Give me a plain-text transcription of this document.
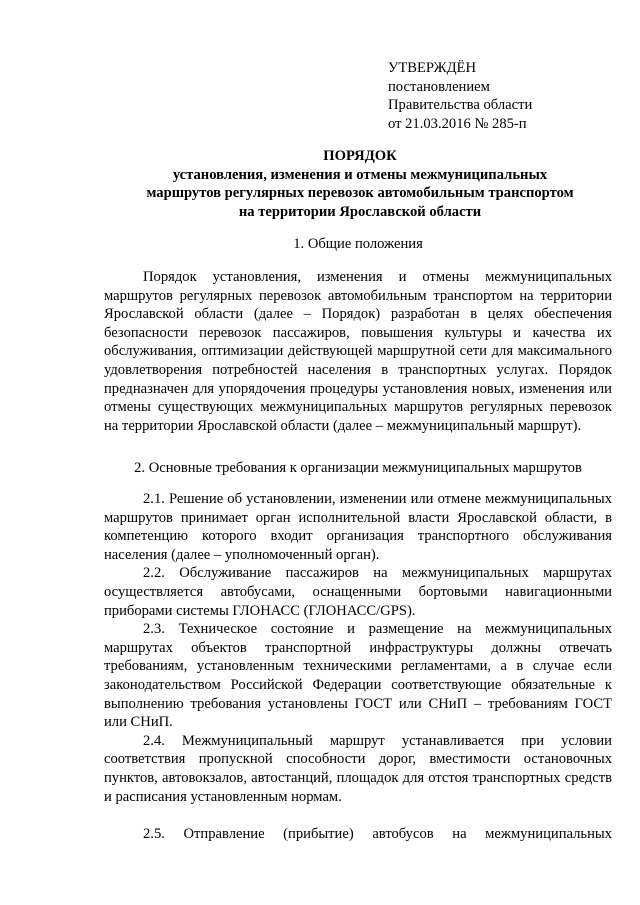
УТВЕРЖДЁН
постановлением
Правительства области
от 21.03.2016 № 285-п
ПОРЯДОК
установления, изменения и отмены межмуниципальных
маршрутов регулярных перевозок автомобильным транспортом
на территории Ярославской области
1. Общие положения

Порядок установления, изменения и отмены межмуниципальных маршрутов регулярных перевозок автомобильным транспортом на территории Ярославской области (далее – Порядок) разработан в целях обеспечения безопасности перевозок пассажиров, повышения культуры и качества их обслуживания, оптимизации действующей маршрутной сети для максимального удовлетворения потребностей населения в транспортных услугах. Порядок предназначен для упорядочения процедуры установления новых, изменения или отмены существующих межмуниципальных маршрутов регулярных перевозок на территории Ярославской области (далее – межмуниципальный маршрут).

2. Основные требования к организации межмуниципальных маршрутов

2.1. Решение об установлении, изменении или отмене межмуниципальных маршрутов принимает орган исполнительной власти Ярославской области, в компетенцию которого входит организация транспортного обслуживания населения (далее – уполномоченный орган).

2.2. Обслуживание пассажиров на межмуниципальных маршрутах осуществляется автобусами, оснащенными бортовыми навигационными приборами системы ГЛОНАСС (ГЛОНАСС/GPS).

2.3. Техническое состояние и размещение на межмуниципальных маршрутах объектов транспортной инфраструктуры должны отвечать требованиям, установленным техническими регламентами, а в случае если законодательством Российской Федерации соответствующие обязательные к выполнению требования установлены ГОСТ или СНиП – требованиям ГОСТ или СНиП.

2.4. Межмуниципальный маршрут устанавливается при условии соответствия пропускной способности дорог, вместимости остановочных пунктов, автовокзалов, автостанций, площадок для отстоя транспортных средств и расписания установленным нормам.

2.5. Отправление (прибытие) автобусов на межмуниципальных
